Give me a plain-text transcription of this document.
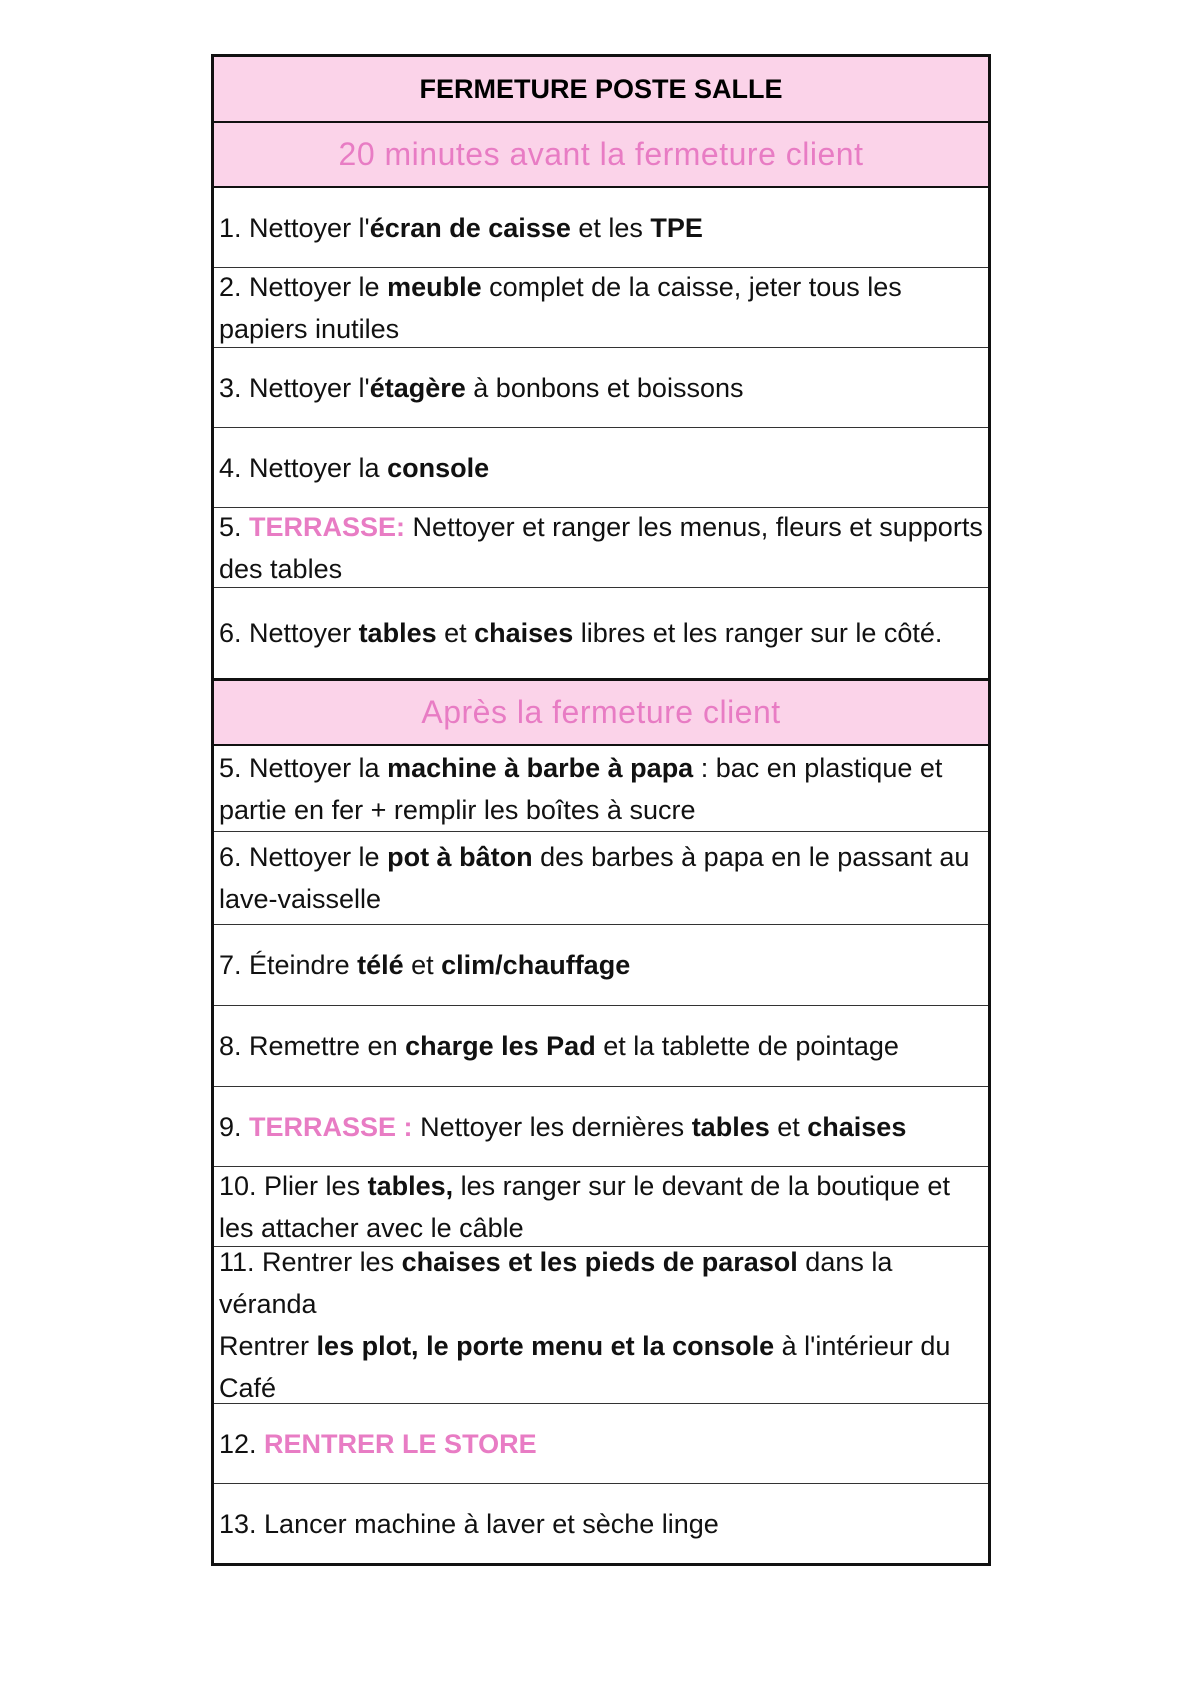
FERMETURE POSTE SALLE
20 minutes avant la fermeture client
1. Nettoyer l'écran de caisse et les TPE
2. Nettoyer le meuble complet de la caisse, jeter tous les papiers inutiles
3. Nettoyer l'étagère à bonbons et boissons
4. Nettoyer la console
5. TERRASSE: Nettoyer et ranger les menus, fleurs et supports des tables
6. Nettoyer tables et chaises libres et les ranger sur le côté.
Après la fermeture client
5. Nettoyer la machine à barbe à papa : bac en plastique et partie en fer + remplir les boîtes à sucre
6. Nettoyer le pot à bâton des barbes à papa en le passant au lave-vaisselle
7. Éteindre télé et clim/chauffage
8. Remettre en charge les Pad et la tablette de pointage
9. TERRASSE : Nettoyer les dernières tables et chaises
10. Plier les tables, les ranger sur le devant de la boutique et les attacher avec le câble
11. Rentrer les chaises et les pieds de parasol dans la véranda
Rentrer les plot, le porte menu et la console à l'intérieur du Café
12. RENTRER LE STORE
13. Lancer machine à laver et sèche linge
